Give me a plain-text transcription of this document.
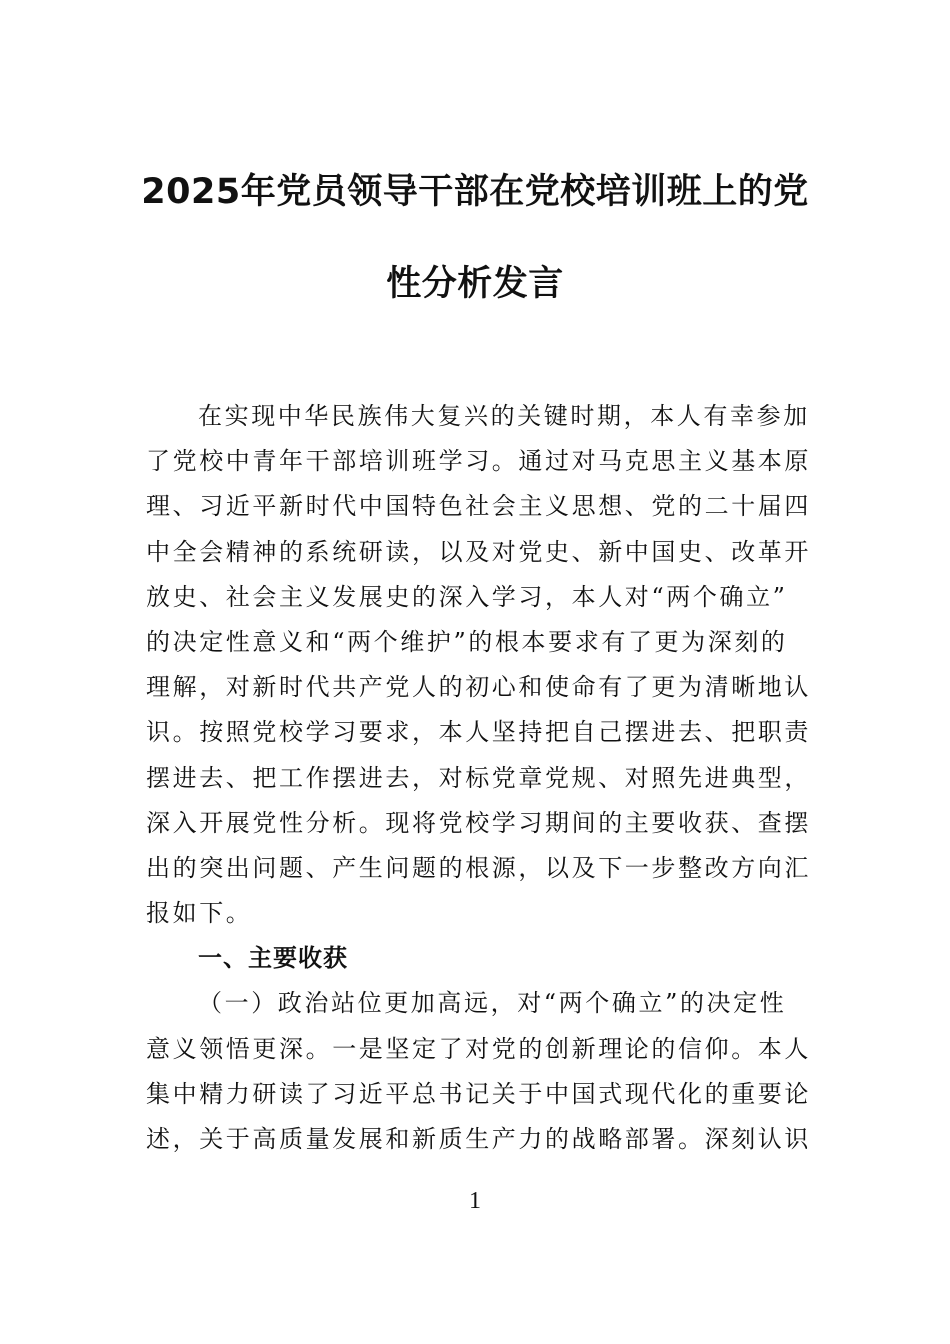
2025年党员领导干部在党校培训班上的党
性分析发言
在实现中华民族伟大复兴的关键时期，本人有幸参加
了党校中青年干部培训班学习。通过对马克思主义基本原
理、习近平新时代中国特色社会主义思想、党的二十届四
中全会精神的系统研读，以及对党史、新中国史、改革开
放史、社会主义发展史的深入学习，本人对“两个确立”
的决定性意义和“两个维护”的根本要求有了更为深刻的
理解，对新时代共产党人的初心和使命有了更为清晰地认
识。按照党校学习要求，本人坚持把自己摆进去、把职责
摆进去、把工作摆进去，对标党章党规、对照先进典型，
深入开展党性分析。现将党校学习期间的主要收获、查摆
出的突出问题、产生问题的根源，以及下一步整改方向汇
报如下。
一、主要收获
（一）政治站位更加高远，对“两个确立”的决定性
意义领悟更深。一是坚定了对党的创新理论的信仰。本人
集中精力研读了习近平总书记关于中国式现代化的重要论
述，关于高质量发展和新质生产力的战略部署。深刻认识
1
